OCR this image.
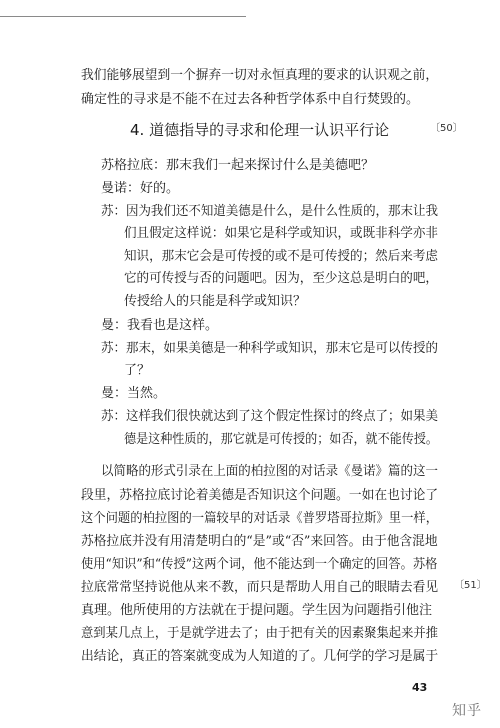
我们能够展望到一个摒弃一切对永恒真理的要求的认识观之前，
确定性的寻求是不能不在过去各种哲学体系中自行焚毁的。
4. 道德指导的寻求和伦理一认识平行论	〔50〕
苏格拉底：那末我们一起来探讨什么是美德吧？
曼诺：好的。
苏：因为我们还不知道美德是什么，是什么性质的，那末让我
们且假定这样说：如果它是科学或知识，或既非科学亦非
知识，那末它会是可传授的或不是可传授的；然后来考虑
它的可传授与否的问题吧。因为，至少这总是明白的吧，
传授给人的只能是科学或知识？
曼：我看也是这样。
苏：那末，如果美德是一种科学或知识，那末它是可以传授的
了？
曼：当然。
苏：这样我们很快就达到了这个假定性探讨的终点了；如果美
德是这种性质的，那它就是可传授的；如否，就不能传授。
以简略的形式引录在上面的柏拉图的对话录《曼诺》篇的这一
段里，苏格拉底讨论着美德是否知识这个问题。一如在也讨论了
这个问题的柏拉图的一篇较早的对话录《普罗塔哥拉斯》里一样，
苏格拉底并没有用清楚明白的“是”或“否”来回答。由于他含混地
使用“知识”和“传授”这两个词，他不能达到一个确定的回答。苏格
拉底常常坚持说他从来不教，而只是帮助人用自己的眼睛去看见 〔51〕
真理。他所使用的方法就在于提问题。学生因为问题指引他注
意到某几点上，于是就学进去了；由于把有关的因素聚集起来并推
出结论，真正的答案就变成为人知道的了。几何学的学习是属于
43
知乎
